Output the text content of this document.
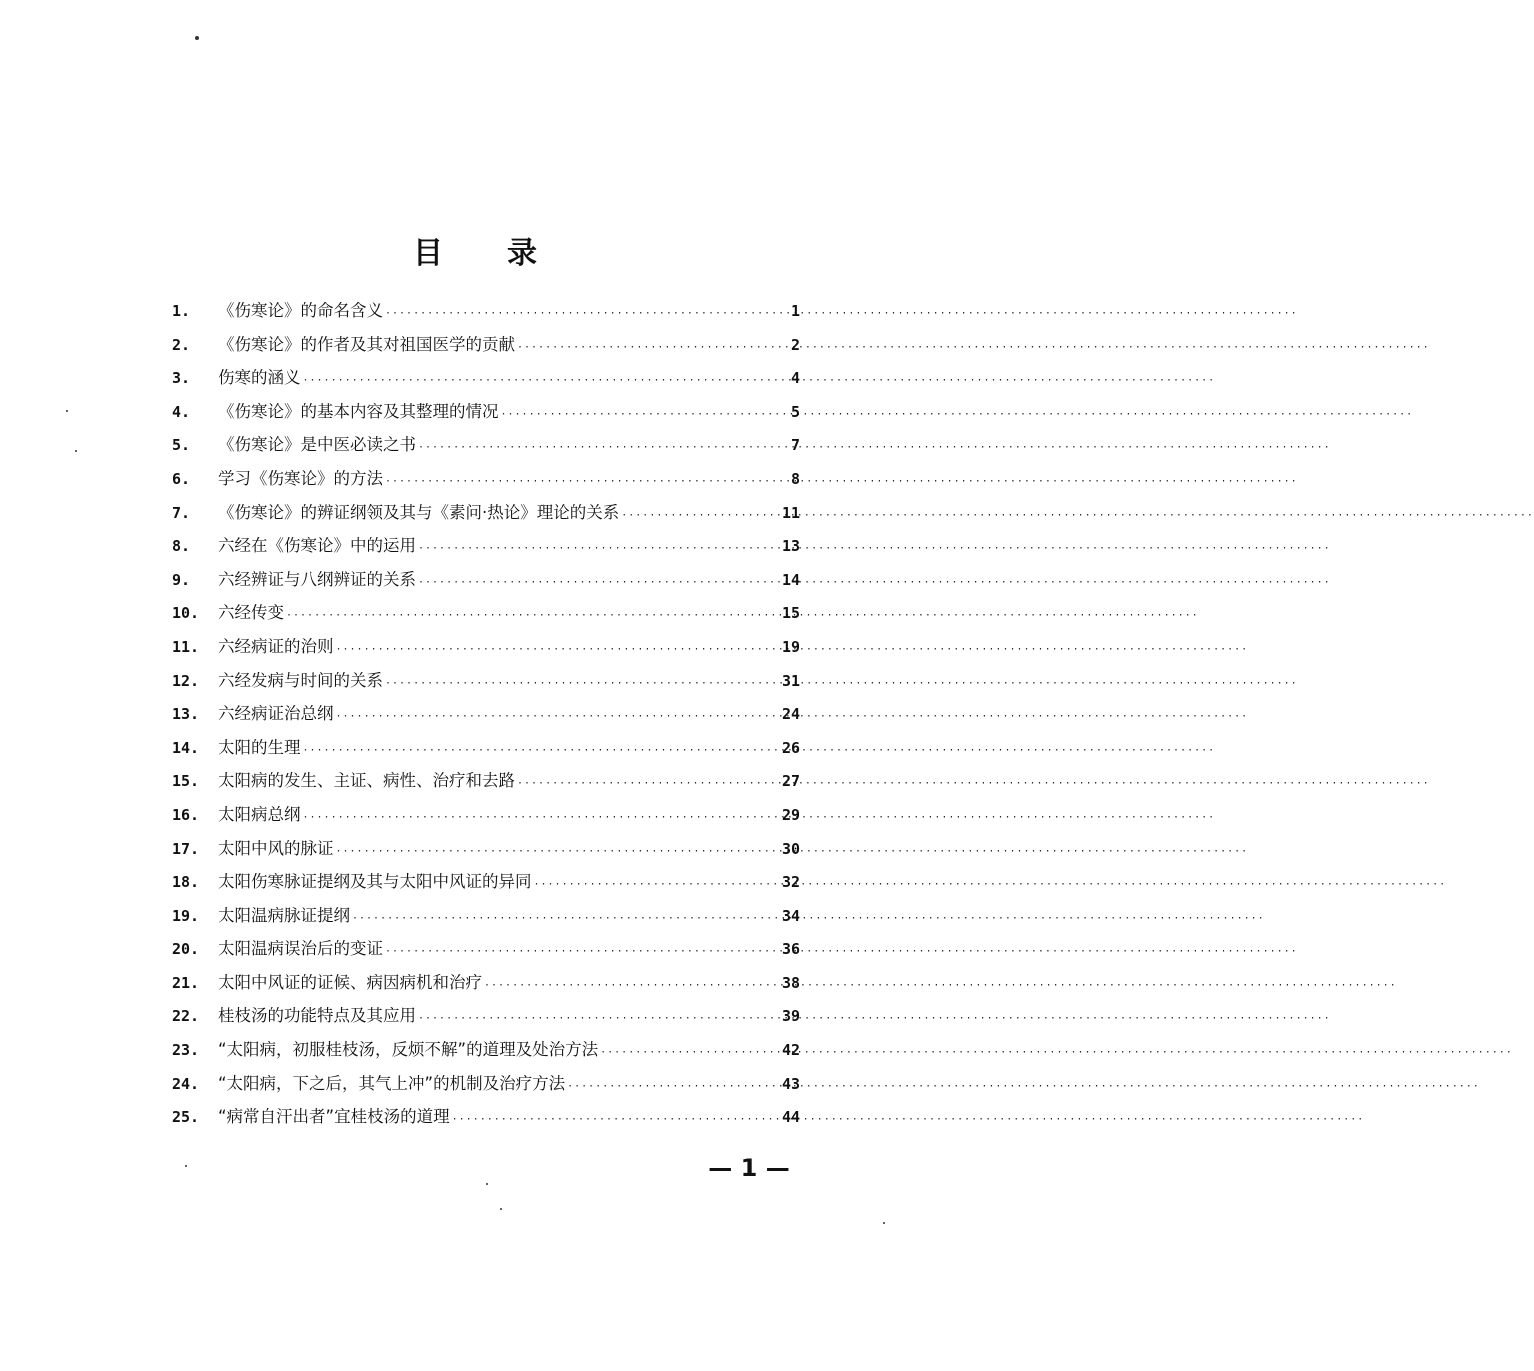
目录
1.	《伤寒论》的命名含义 ·····	1
2.	《伤寒论》的作者及其对祖国医学的贡献 ·····	2
3.	伤寒的涵义 ·····	4
4.	《伤寒论》的基本内容及其整理的情况 ·····	5
5.	《伤寒论》是中医必读之书 ·····	7
6.	学习《伤寒论》的方法 ·····	8
7.	《伤寒论》的辨证纲领及其与《素问·热论》理论的关系 ·····	11
8.	六经在《伤寒论》中的运用 ·····	13
9.	六经辨证与八纲辨证的关系 ·····	14
10.	六经传变 ·····	15
11.	六经病证的治则 ·····	19
12.	六经发病与时间的关系 ·····	31
13.	六经病证治总纲 ·····	24
14.	太阳的生理 ·····	26
15.	太阳病的发生、主证、病性、治疗和去路 ·····	27
16.	太阳病总纲 ·····	29
17.	太阳中风的脉证 ·····	30
18.	太阳伤寒脉证提纲及其与太阳中风证的异同 ·····	32
19.	太阳温病脉证提纲 ·····	34
20.	太阳温病误治后的变证 ·····	36
21.	太阳中风证的证候、病因病机和治疗 ·····	38
22.	桂枝汤的功能特点及其应用 ·····	39
23.	“太阳病，初服桂枝汤，反烦不解”的道理及处治方法 ·····	42
24.	“太阳病，下之后，其气上冲”的机制及治疗方法 ·····	43
25.	“病常自汗出者”宜桂枝汤的道理 ·····	44
— 1 —
